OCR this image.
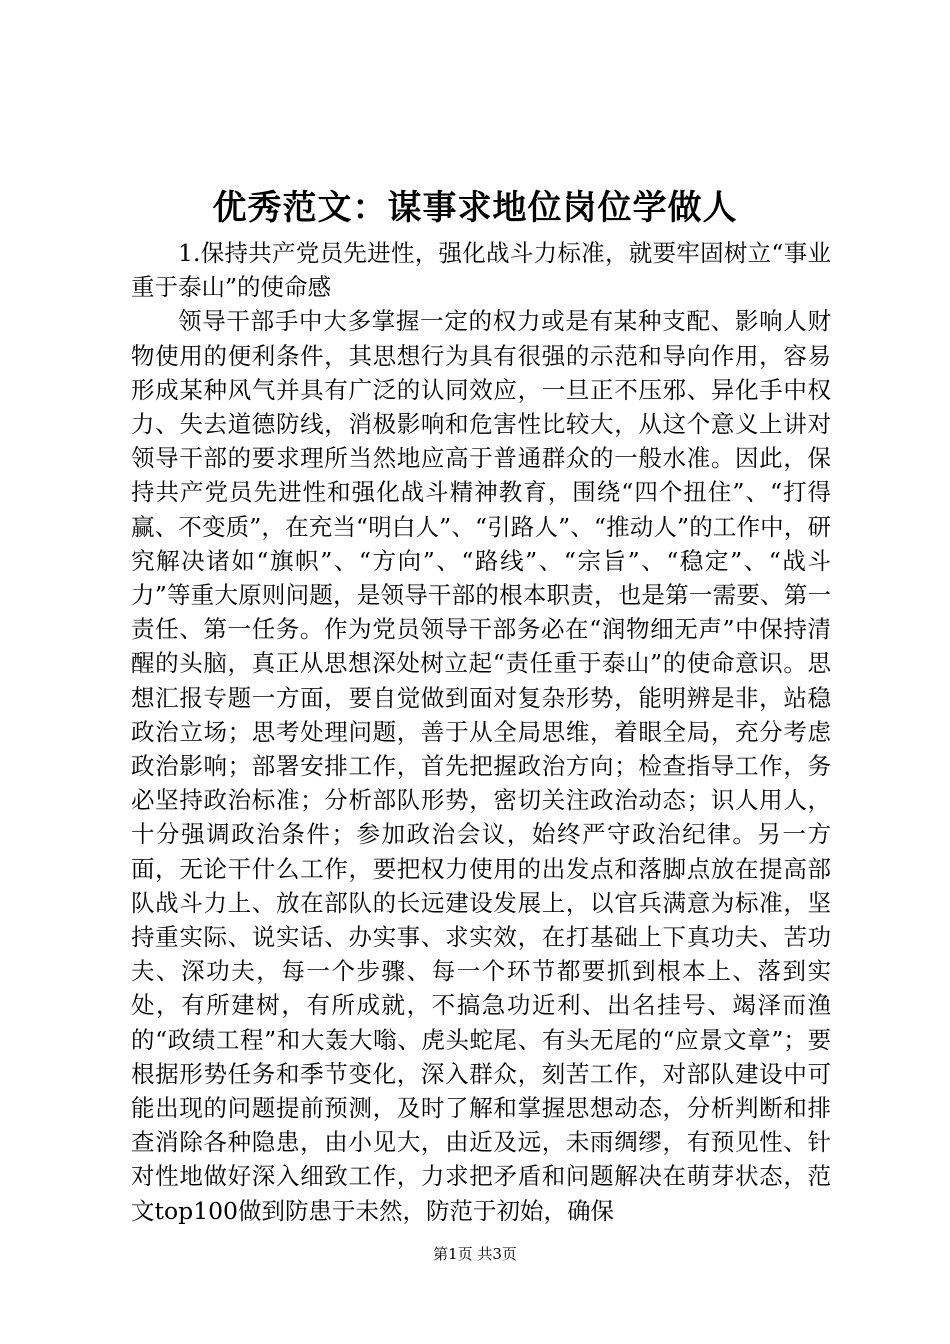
优秀范文：谋事求地位岗位学做人

1.保持共产党员先进性，强化战斗力标准，就要牢固树立“事业重于泰山”的使命感

领导干部手中大多掌握一定的权力或是有某种支配、影响人财物使用的便利条件，其思想行为具有很强的示范和导向作用，容易形成某种风气并具有广泛的认同效应，一旦正不压邪、异化手中权力、失去道德防线，消极影响和危害性比较大，从这个意义上讲对领导干部的要求理所当然地应高于普通群众的一般水准。因此，保持共产党员先进性和强化战斗精神教育，围绕“四个扭住”、“打得赢、不变质”，在充当“明白人”、“引路人”、“推动人”的工作中，研究解决诸如“旗帜”、“方向”、“路线”、“宗旨”、“稳定”、“战斗力”等重大原则问题，是领导干部的根本职责，也是第一需要、第一责任、第一任务。作为党员领导干部务必在“润物细无声”中保持清醒的头脑，真正从思想深处树立起“责任重于泰山”的使命意识。思想汇报专题一方面，要自觉做到面对复杂形势，能明辨是非，站稳政治立场；思考处理问题，善于从全局思维，着眼全局，充分考虑政治影响；部署安排工作，首先把握政治方向；检查指导工作，务必坚持政治标准；分析部队形势，密切关注政治动态；识人用人，十分强调政治条件；参加政治会议，始终严守政治纪律。另一方面，无论干什么工作，要把权力使用的出发点和落脚点放在提高部队战斗力上、放在部队的长远建设发展上，以官兵满意为标准，坚持重实际、说实话、办实事、求实效，在打基础上下真功夫、苦功夫、深功夫，每一个步骤、每一个环节都要抓到根本上、落到实处，有所建树，有所成就，不搞急功近利、出名挂号、竭泽而渔的“政绩工程”和大轰大嗡、虎头蛇尾、有头无尾的“应景文章”；要根据形势任务和季节变化，深入群众，刻苦工作，对部队建设中可能出现的问题提前预测，及时了解和掌握思想动态，分析判断和排查消除各种隐患，由小见大，由近及远，未雨绸缪，有预见性、针对性地做好深入细致工作，力求把矛盾和问题解决在萌芽状态，范文top100做到防患于未然，防范于初始，确保

第1页 共3页
